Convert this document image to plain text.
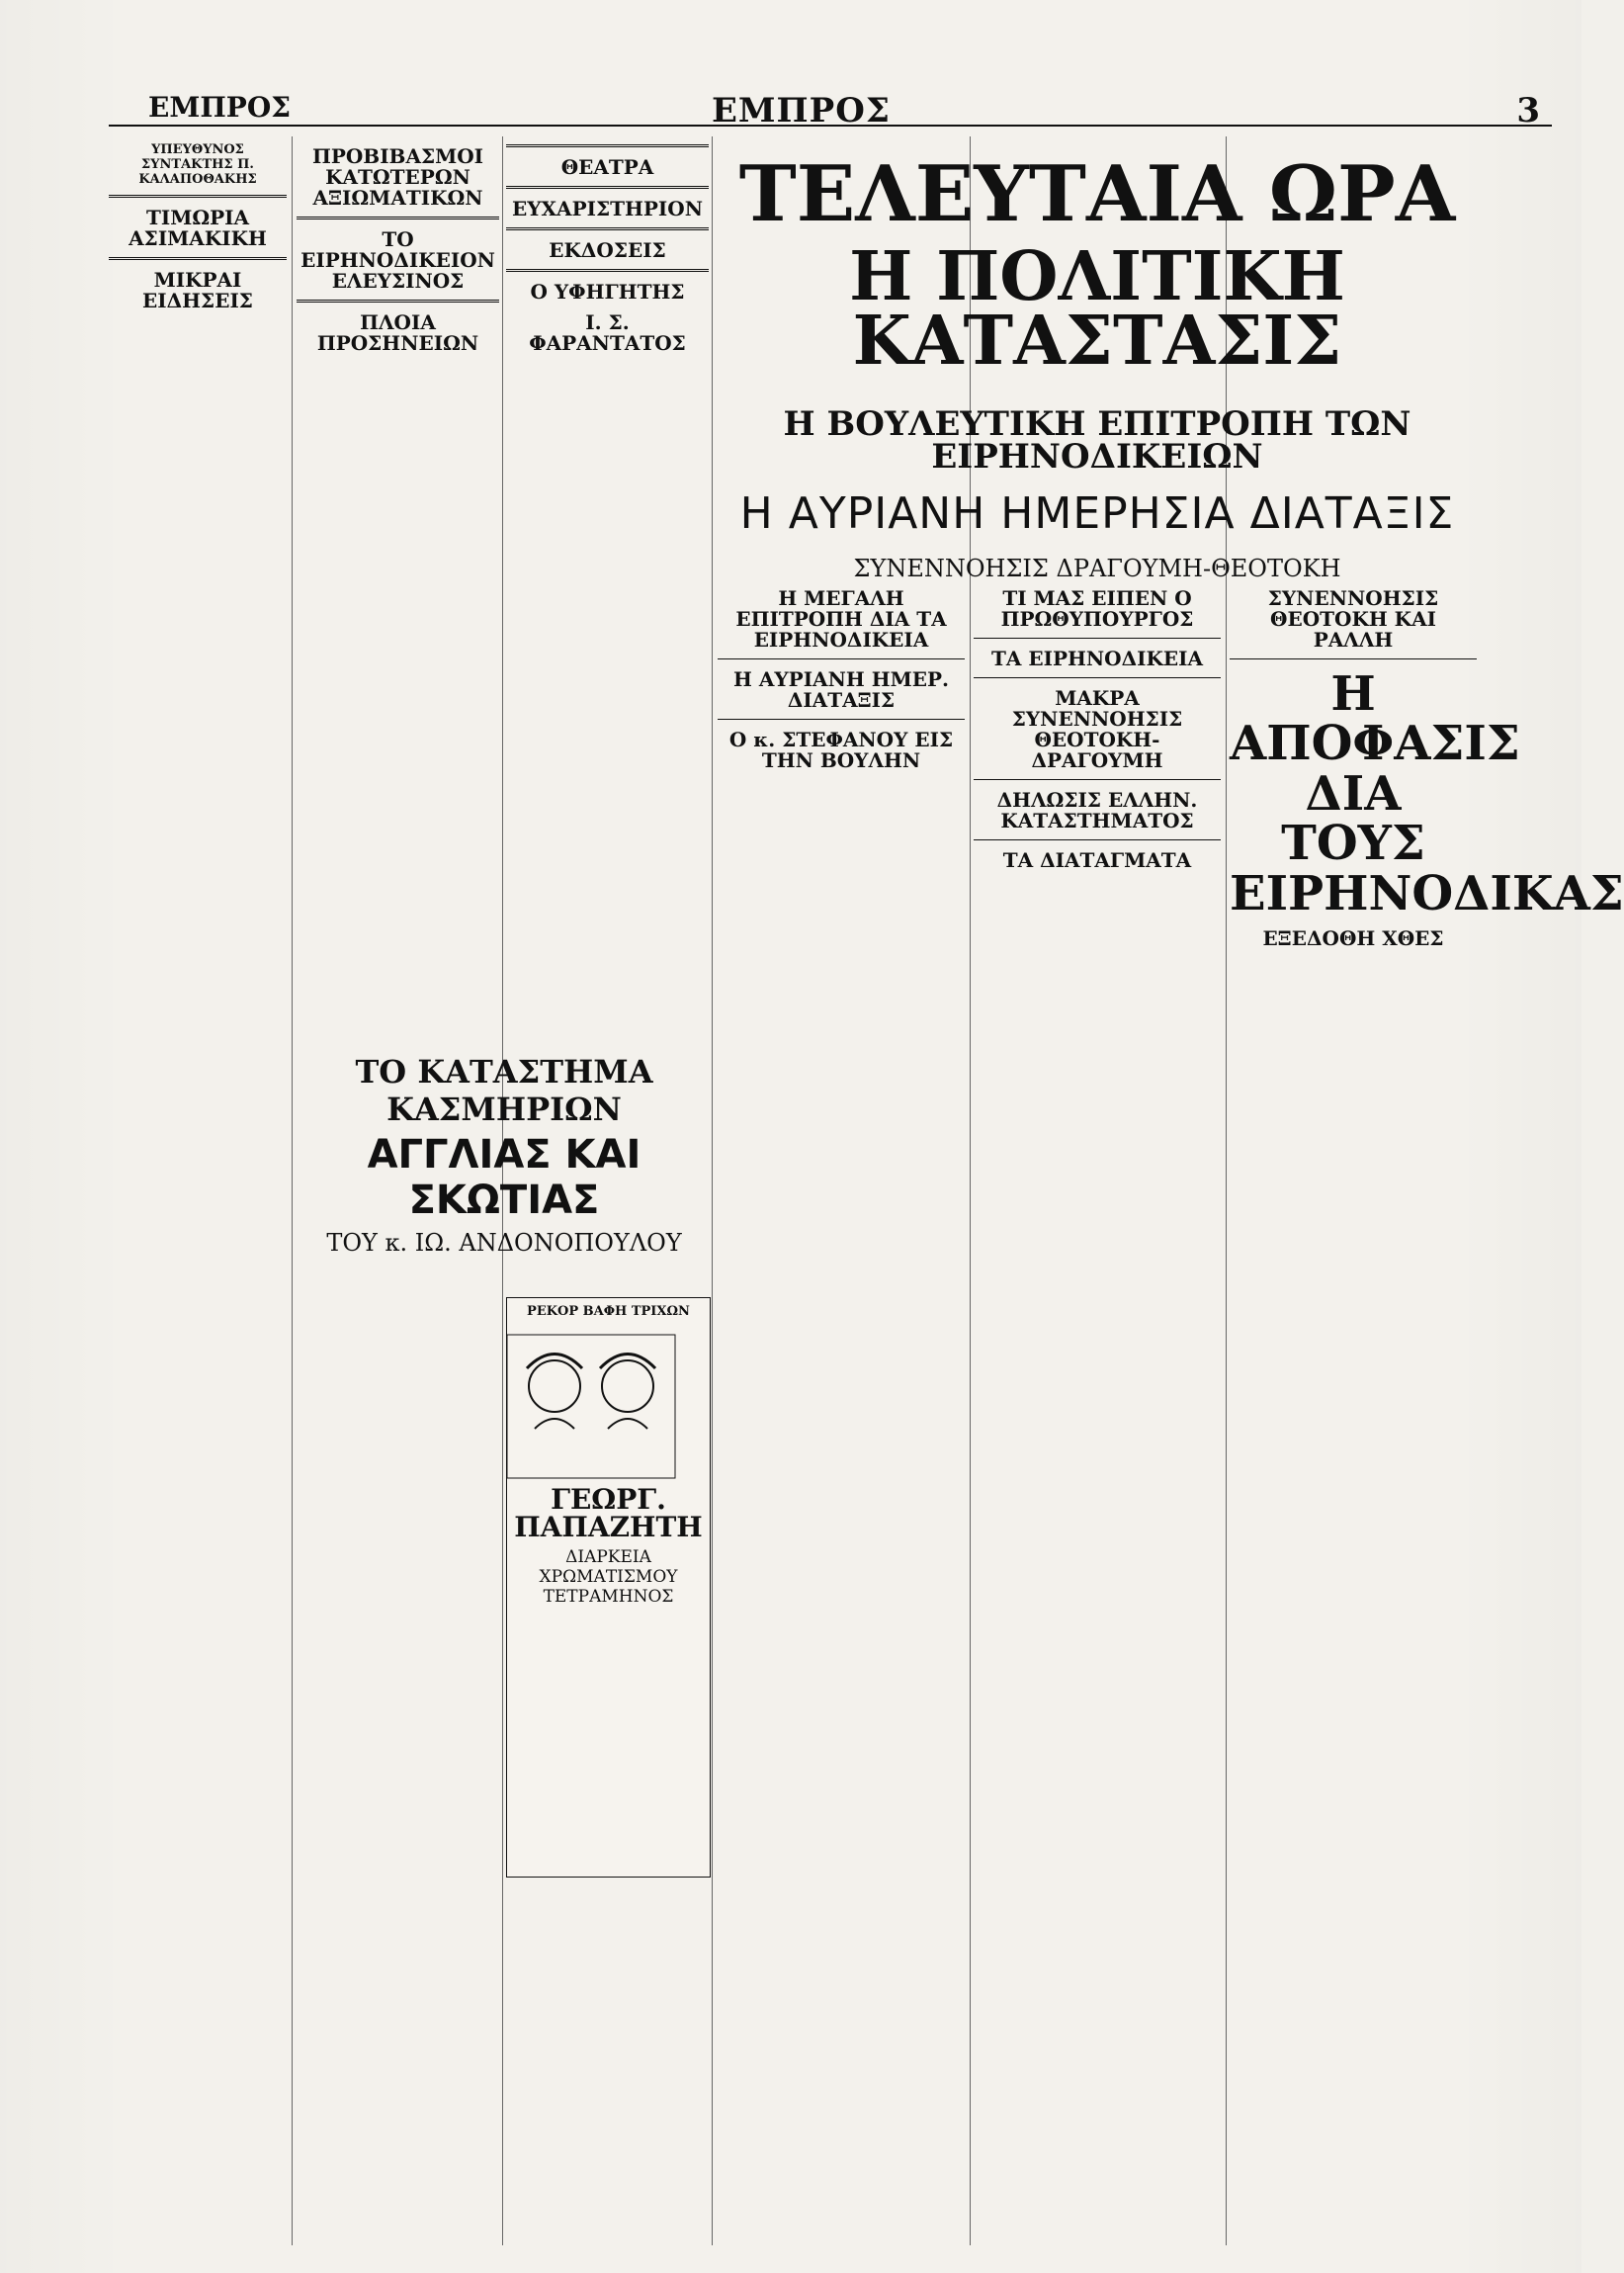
ΕΜΠΡΟΣ	ΕΜΠΡΟΣ	3
ΥΠΕΥΘΥΝΟΣ ΣΥΝΤΑΚΤΗΣ Π. ΚΑΛΑΠΟΘΑΚΗΣ
ΤΙΜΩΡΙΑ ΑΣΙΜΑΚΙΚΗ
ΜΙΚΡΑΙ ΕΙΔΗΣΕΙΣ
ΠΡΟΒΙΒΑΣΜΟΙ ΚΑΤΩΤΕΡΩΝ ΑΞΙΩΜΑΤΙΚΩΝ
ΤΟ ΕΙΡΗΝΟΔΙΚΕΙΟΝ ΕΛΕΥΣΙΝΟΣ
ΠΛΟΙΑ ΠΡΟΣΗΝΕΙΩΝ
ΘΕΑΤΡΑ
ΕΥΧΑΡΙΣΤΗΡΙΟΝ
ΕΚΔΟΣΕΙΣ
Ο ΥΦΗΓΗΤΗΣ
Ι. Σ. ΦΑΡΑΝΤΑΤΟΣ
ΤΕΛΕΥΤΑΙΑ ΩΡΑ
Η ΠΟΛΙΤΙΚΗ ΚΑΤΑΣΤΑΣΙΣ
Η ΒΟΥΛΕΥΤΙΚΗ ΕΠΙΤΡΟΠΗ ΤΩΝ ΕΙΡΗΝΟΔΙΚΕΙΩΝ
Η ΑΥΡΙΑΝΗ ΗΜΕΡΗΣΙΑ ΔΙΑΤΑΞΙΣ
ΣΥΝΕΝΝΟΗΣΙΣ ΔΡΑΓΟΥΜΗ-ΘΕΟΤΟΚΗ
Η ΜΕΓΑΛΗ ΕΠΙΤΡΟΠΗ ΔΙΑ ΤΑ ΕΙΡΗΝΟΔΙΚΕΙΑ
Η ΑΥΡΙΑΝΗ ΗΜΕΡ. ΔΙΑΤΑΞΙΣ
Ο κ. ΣΤΕΦΑΝΟΥ ΕΙΣ ΤΗΝ ΒΟΥΛΗΝ
ΤΙ ΜΑΣ ΕΙΠΕΝ Ο ΠΡΩΘΥΠΟΥΡΓΟΣ
ΤΑ ΕΙΡΗΝΟΔΙΚΕΙΑ
ΜΑΚΡΑ ΣΥΝΕΝΝΟΗΣΙΣ ΘΕΟΤΟΚΗ-ΔΡΑΓΟΥΜΗ
ΔΗΛΩΣΙΣ ΕΛΛΗΝ. ΚΑΤΑΣΤΗΜΑΤΟΣ
ΤΑ ΔΙΑΤΑΓΜΑΤΑ
ΣΥΝΕΝΝΟΗΣΙΣ ΘΕΟΤΟΚΗ ΚΑΙ ΡΑΛΛΗ
Η ΑΠΟΦΑΣΙΣ ΔΙΑ ΤΟΥΣ ΕΙΡΗΝΟΔΙΚΑΣ
ΕΞΕΔΟΘΗ ΧΘΕΣ
ΤΟ ΚΑΤΑΣΤΗΜΑ ΚΑΣΜΗΡΙΩΝ
ΑΓΓΛΙΑΣ ΚΑΙ ΣΚΩΤΙΑΣ
ΤΟΥ κ. ΙΩ. ΑΝΔΟΝΟΠΟΥΛΟΥ
ΡΕΚΟΡ ΒΑΦΗ ΤΡΙΧΩΝ
ΓΕΩΡΓ. ΠΑΠΑΖΗΤΗ
ΔΙΑΡΚΕΙΑ ΧΡΩΜΑΤΙΣΜΟΥ ΤΕΤΡΑΜΗΝΟΣ
